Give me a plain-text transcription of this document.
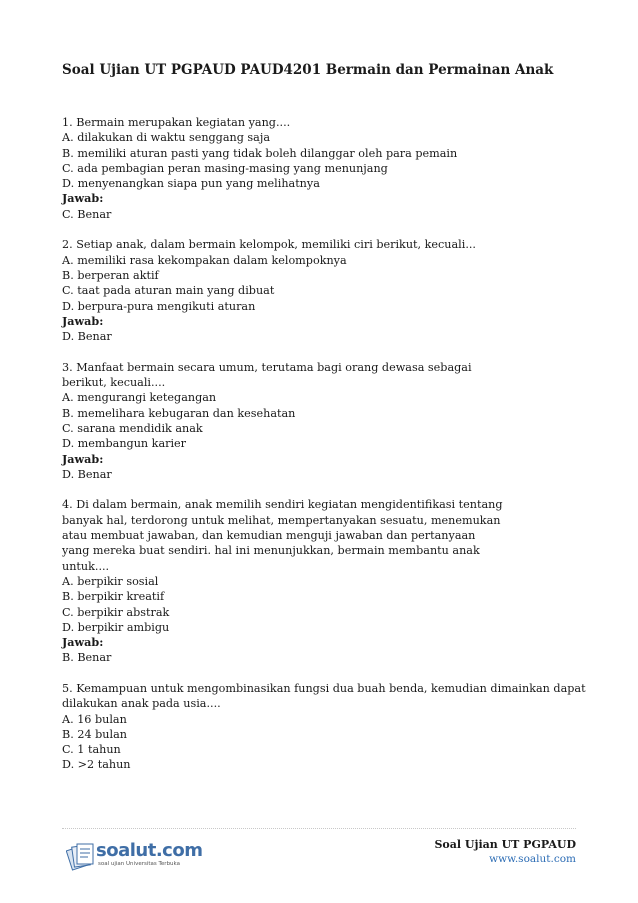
Soal Ujian UT PGPAUD PAUD4201 Bermain dan Permainan Anak
1. Bermain merupakan kegiatan yang....
A. dilakukan di waktu senggang saja
B. memiliki aturan pasti yang tidak boleh dilanggar oleh para pemain
C. ada pembagian peran masing-masing yang menunjang
D. menyenangkan siapa pun yang melihatnya
Jawab:
C. Benar
2. Setiap anak, dalam bermain kelompok, memiliki ciri berikut, kecuali...
A. memiliki rasa kekompakan dalam kelompoknya
B. berperan aktif
C. taat pada aturan main yang dibuat
D. berpura-pura mengikuti aturan
Jawab:
D. Benar
3. Manfaat bermain secara umum, terutama bagi orang dewasa sebagai
berikut, kecuali....
A. mengurangi ketegangan
B. memelihara kebugaran dan kesehatan
C. sarana mendidik anak
D. membangun karier
Jawab:
D. Benar
4. Di dalam bermain, anak memilih sendiri kegiatan mengidentifikasi tentang
banyak hal, terdorong untuk melihat, mempertanyakan sesuatu, menemukan
atau membuat jawaban, dan kemudian menguji jawaban dan pertanyaan
yang mereka buat sendiri. hal ini menunjukkan, bermain membantu anak
untuk....
A. berpikir sosial
B. berpikir kreatif
C. berpikir abstrak
D. berpikir ambigu
Jawab:
B. Benar
5. Kemampuan untuk mengombinasikan fungsi dua buah benda, kemudian dimainkan dapat
dilakukan anak pada usia....
A. 16 bulan
B. 24 bulan
C. 1 tahun
D. >2 tahun
soalut.com
soal ujian Universitas Terbuka
Soal Ujian UT PGPAUD
www.soalut.com
